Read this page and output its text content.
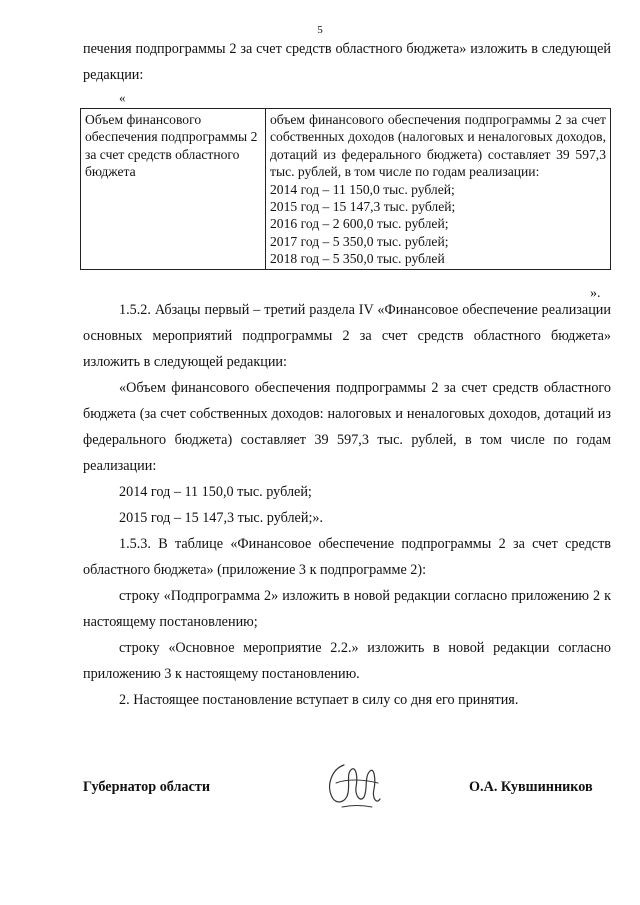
5
печения подпрограммы 2 за счет средств областного бюджета» изложить в следующей редакции:
«
Объем финансового обеспечения подпрограммы 2 за счет средств областного бюджета	объем финансового обеспечения подпрограммы 2 за счет собственных доходов (налоговых и неналоговых доходов, дотаций из федерального бюджета) составляет 39 597,3 тыс. рублей, в том числе по годам реализации:
2014 год – 11 150,0 тыс. рублей;
2015 год – 15 147,3 тыс. рублей;
2016 год – 2 600,0 тыс. рублей;
2017 год – 5 350,0 тыс. рублей;
2018 год – 5 350,0 тыс. рублей
».

1.5.2. Абзацы первый – третий раздела IV «Финансовое обеспечение реализации основных мероприятий подпрограммы 2 за счет средств областного бюджета» изложить в следующей редакции:

«Объем финансового обеспечения подпрограммы 2 за счет средств областного бюджета (за счет собственных доходов: налоговых и неналоговых доходов, дотаций из федерального бюджета) составляет 39 597,3 тыс. рублей, в том числе по годам реализации:

2014 год – 11 150,0 тыс. рублей;

2015 год – 15 147,3 тыс. рублей;».

1.5.3. В таблице «Финансовое обеспечение подпрограммы 2 за счет средств областного бюджета» (приложение 3 к подпрограмме 2):

строку «Подпрограмма 2» изложить в новой редакции согласно приложению 2 к настоящему постановлению;

строку «Основное мероприятие 2.2.» изложить в новой редакции согласно приложению 3 к настоящему постановлению.

2. Настоящее постановление вступает в силу со дня его принятия.

Губернатор области	О.А. Кувшинников
